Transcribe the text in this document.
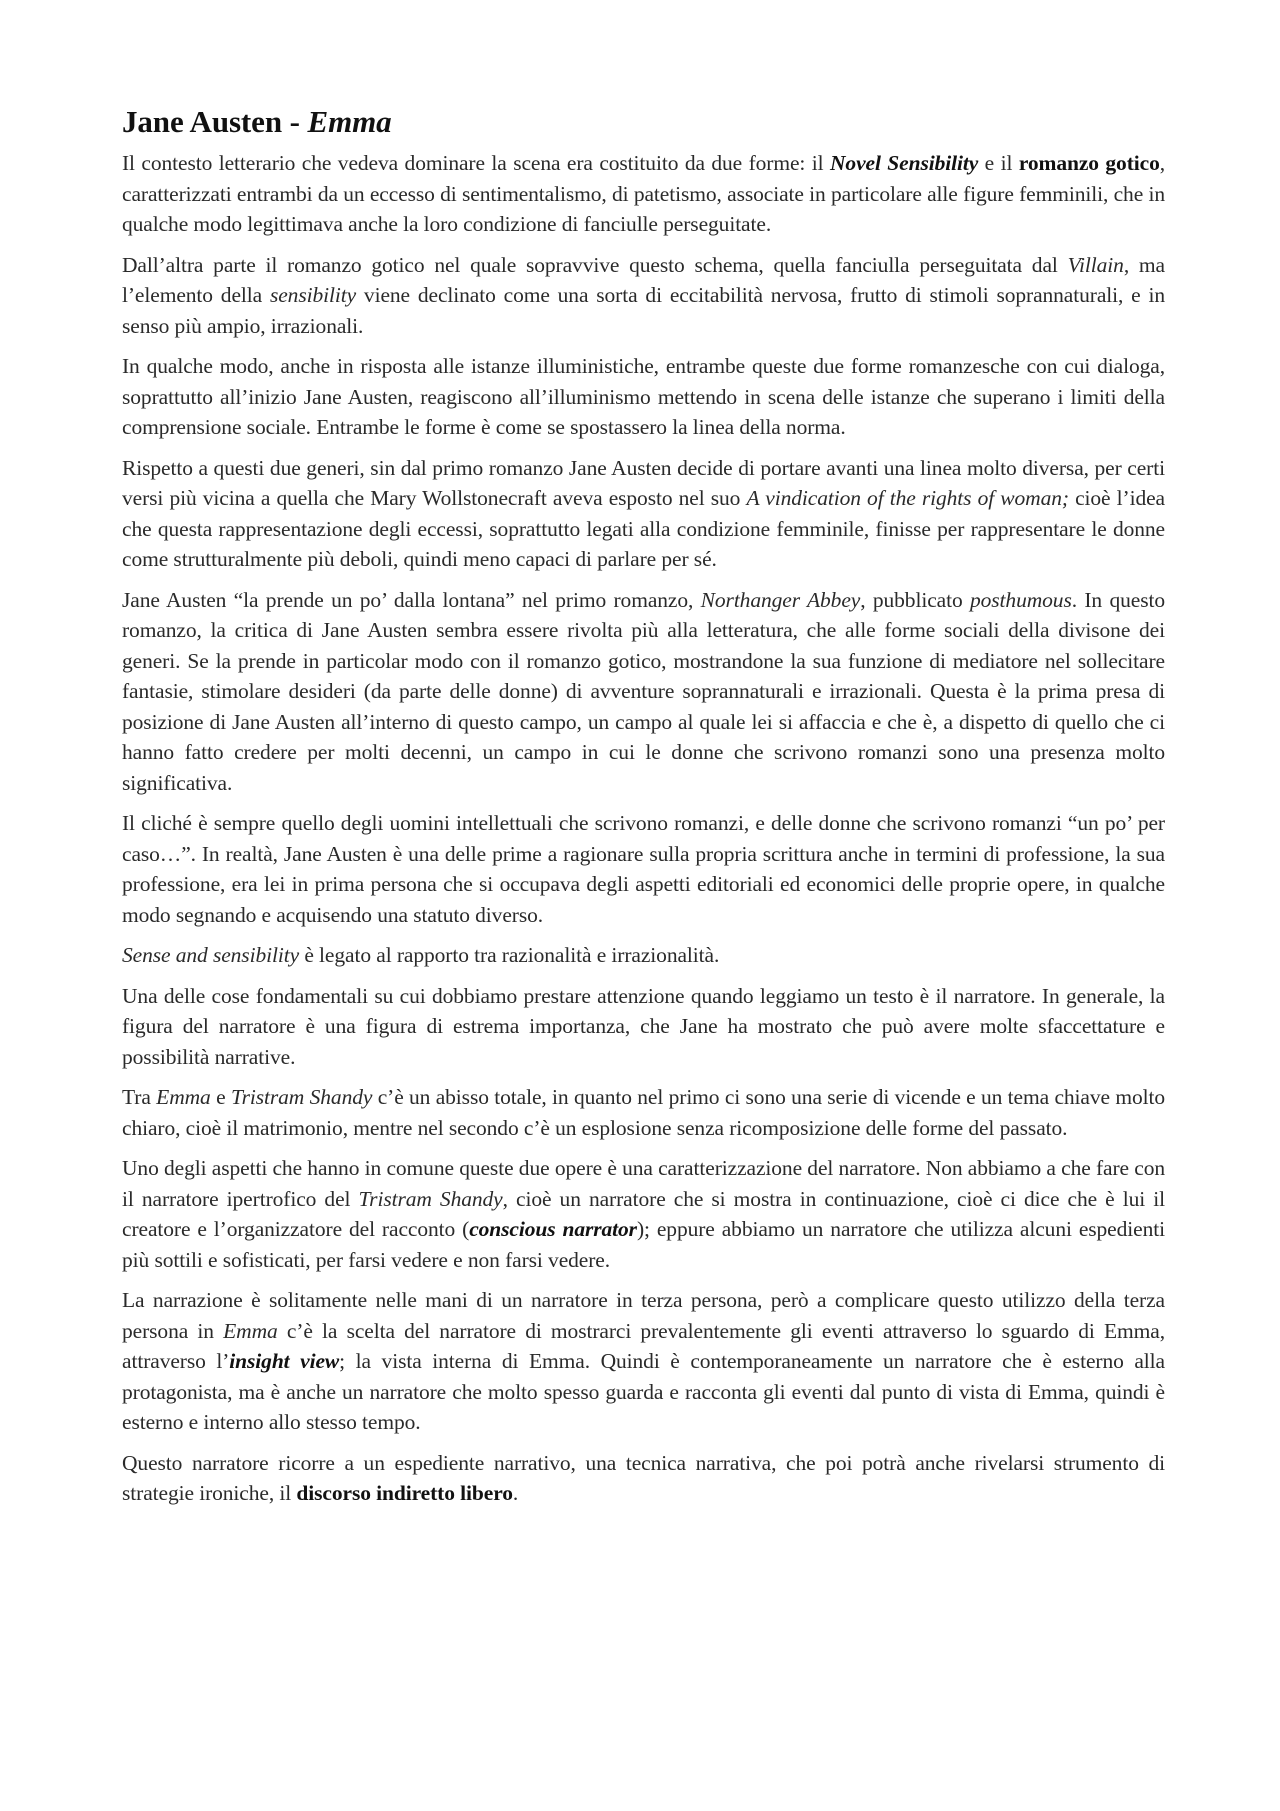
Jane Austen - Emma

Il contesto letterario che vedeva dominare la scena era costituito da due forme: il Novel Sensibility e il romanzo gotico, caratterizzati entrambi da un eccesso di sentimentalismo, di patetismo, associate in particolare alle figure femminili, che in qualche modo legittimava anche la loro condizione di fanciulle perseguitate.

Dall’altra parte il romanzo gotico nel quale sopravvive questo schema, quella fanciulla perseguitata dal Villain, ma l’elemento della sensibility viene declinato come una sorta di eccitabilità nervosa, frutto di stimoli soprannaturali, e in senso più ampio, irrazionali.

In qualche modo, anche in risposta alle istanze illuministiche, entrambe queste due forme romanzesche con cui dialoga, soprattutto all’inizio Jane Austen, reagiscono all’illuminismo mettendo in scena delle istanze che superano i limiti della comprensione sociale. Entrambe le forme è come se spostassero la linea della norma.

Rispetto a questi due generi, sin dal primo romanzo Jane Austen decide di portare avanti una linea molto diversa, per certi versi più vicina a quella che Mary Wollstonecraft aveva esposto nel suo A vindication of the rights of woman; cioè l’idea che questa rappresentazione degli eccessi, soprattutto legati alla condizione femminile, finisse per rappresentare le donne come strutturalmente più deboli, quindi meno capaci di parlare per sé.

Jane Austen “la prende un po’ dalla lontana” nel primo romanzo, Northanger Abbey, pubblicato posthumous. In questo romanzo, la critica di Jane Austen sembra essere rivolta più alla letteratura, che alle forme sociali della divisone dei generi. Se la prende in particolar modo con il romanzo gotico, mostrandone la sua funzione di mediatore nel sollecitare fantasie, stimolare desideri (da parte delle donne) di avventure soprannaturali e irrazionali. Questa è la prima presa di posizione di Jane Austen all’interno di questo campo, un campo al quale lei si affaccia e che è, a dispetto di quello che ci hanno fatto credere per molti decenni, un campo in cui le donne che scrivono romanzi sono una presenza molto significativa.

Il cliché è sempre quello degli uomini intellettuali che scrivono romanzi, e delle donne che scrivono romanzi “un po’ per caso…”. In realtà, Jane Austen è una delle prime a ragionare sulla propria scrittura anche in termini di professione, la sua professione, era lei in prima persona che si occupava degli aspetti editoriali ed economici delle proprie opere, in qualche modo segnando e acquisendo una statuto diverso.

Sense and sensibility è legato al rapporto tra razionalità e irrazionalità.

Una delle cose fondamentali su cui dobbiamo prestare attenzione quando leggiamo un testo è il narratore. In generale, la figura del narratore è una figura di estrema importanza, che Jane ha mostrato che può avere molte sfaccettature e possibilità narrative.

Tra Emma e Tristram Shandy c’è un abisso totale, in quanto nel primo ci sono una serie di vicende e un tema chiave molto chiaro, cioè il matrimonio, mentre nel secondo c’è un esplosione senza ricomposizione delle forme del passato.

Uno degli aspetti che hanno in comune queste due opere è una caratterizzazione del narratore. Non abbiamo a che fare con il narratore ipertrofico del Tristram Shandy, cioè un narratore che si mostra in continuazione, cioè ci dice che è lui il creatore e l’organizzatore del racconto (conscious narrator); eppure abbiamo un narratore che utilizza alcuni espedienti più sottili e sofisticati, per farsi vedere e non farsi vedere.

La narrazione è solitamente nelle mani di un narratore in terza persona, però a complicare questo utilizzo della terza persona in Emma c’è la scelta del narratore di mostrarci prevalentemente gli eventi attraverso lo sguardo di Emma, attraverso l’insight view; la vista interna di Emma. Quindi è contemporaneamente un narratore che è esterno alla protagonista, ma è anche un narratore che molto spesso guarda e racconta gli eventi dal punto di vista di Emma, quindi è esterno e interno allo stesso tempo.

Questo narratore ricorre a un espediente narrativo, una tecnica narrativa, che poi potrà anche rivelarsi strumento di strategie ironiche, il discorso indiretto libero.
